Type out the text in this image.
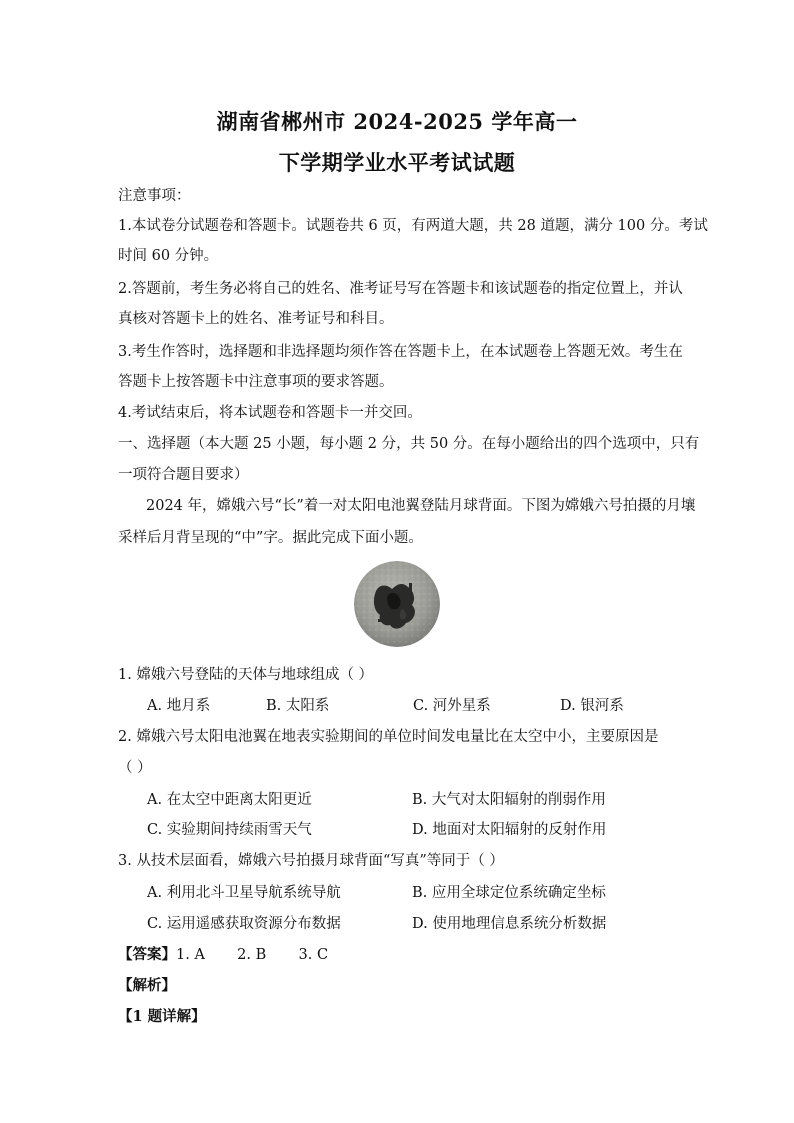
湖南省郴州市 2024-2025 学年高一
下学期学业水平考试试题
注意事项：
1.本试卷分试题卷和答题卡。试题卷共 6 页，有两道大题，共 28 道题，满分 100 分。考试
时间 60 分钟。
2.答题前，考生务必将自己的姓名、准考证号写在答题卡和该试题卷的指定位置上，并认
真核对答题卡上的姓名、准考证号和科目。
3.考生作答时，选择题和非选择题均须作答在答题卡上，在本试题卷上答题无效。考生在
答题卡上按答题卡中注意事项的要求答题。
4.考试结束后，将本试题卷和答题卡一并交回。
一、选择题（本大题 25 小题，每小题 2 分，共 50 分。在每小题给出的四个选项中，只有
一项符合题目要求）
2024 年，嫦娥六号“长”着一对太阳电池翼登陆月球背面。下图为嫦娥六号拍摄的月壤
采样后月背呈现的“中”字。据此完成下面小题。
1. 嫦娥六号登陆的天体与地球组成（ ）
A. 地月系	B. 太阳系	C. 河外星系	D. 银河系
2. 嫦娥六号太阳电池翼在地表实验期间的单位时间发电量比在太空中小，主要原因是
（ ）
A. 在太空中距离太阳更近	B. 大气对太阳辐射的削弱作用
C. 实验期间持续雨雪天气	D. 地面对太阳辐射的反射作用
3. 从技术层面看，嫦娥六号拍摄月球背面“写真”等同于（ ）
A. 利用北斗卫星导航系统导航	B. 应用全球定位系统确定坐标
C. 运用遥感获取资源分布数据	D. 使用地理信息系统分析数据
【答案】1. A       2. B       3. C
【解析】
【1 题详解】
